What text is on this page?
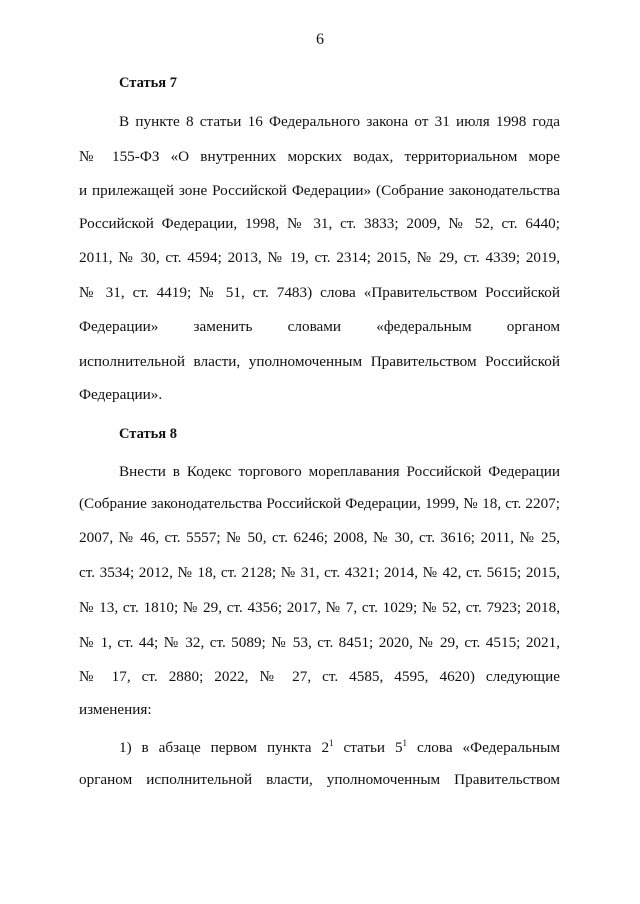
6
Статья 7
В пункте 8 статьи 16 Федерального закона от 31 июля 1998 года
№ 155-ФЗ «О внутренних морских водах, территориальном море
и прилежащей зоне Российской Федерации» (Собрание законодательства
Российской Федерации, 1998, № 31, ст. 3833; 2009, № 52, ст. 6440;
2011, № 30, ст. 4594; 2013, № 19, ст. 2314; 2015, № 29, ст. 4339; 2019,
№ 31, ст. 4419; № 51, ст. 7483) слова «Правительством Российской
Федерации» заменить словами «федеральным органом
исполнительной власти, уполномоченным Правительством Российской
Федерации».
Статья 8
Внести в Кодекс торгового мореплавания Российской Федерации
(Собрание законодательства Российской Федерации, 1999, № 18, ст. 2207;
2007, № 46, ст. 5557; № 50, ст. 6246; 2008, № 30, ст. 3616; 2011, № 25,
ст. 3534; 2012, № 18, ст. 2128; № 31, ст. 4321; 2014, № 42, ст. 5615; 2015,
№ 13, ст. 1810; № 29, ст. 4356; 2017, № 7, ст. 1029; № 52, ст. 7923; 2018,
№ 1, ст. 44; № 32, ст. 5089; № 53, ст. 8451; 2020, № 29, ст. 4515; 2021,
№ 17, ст. 2880; 2022, № 27, ст. 4585, 4595, 4620) следующие
изменения:
1) в абзаце первом пункта $2^1$ статьи $5^1$ слова «Федеральным
органом исполнительной власти, уполномоченным Правительством
